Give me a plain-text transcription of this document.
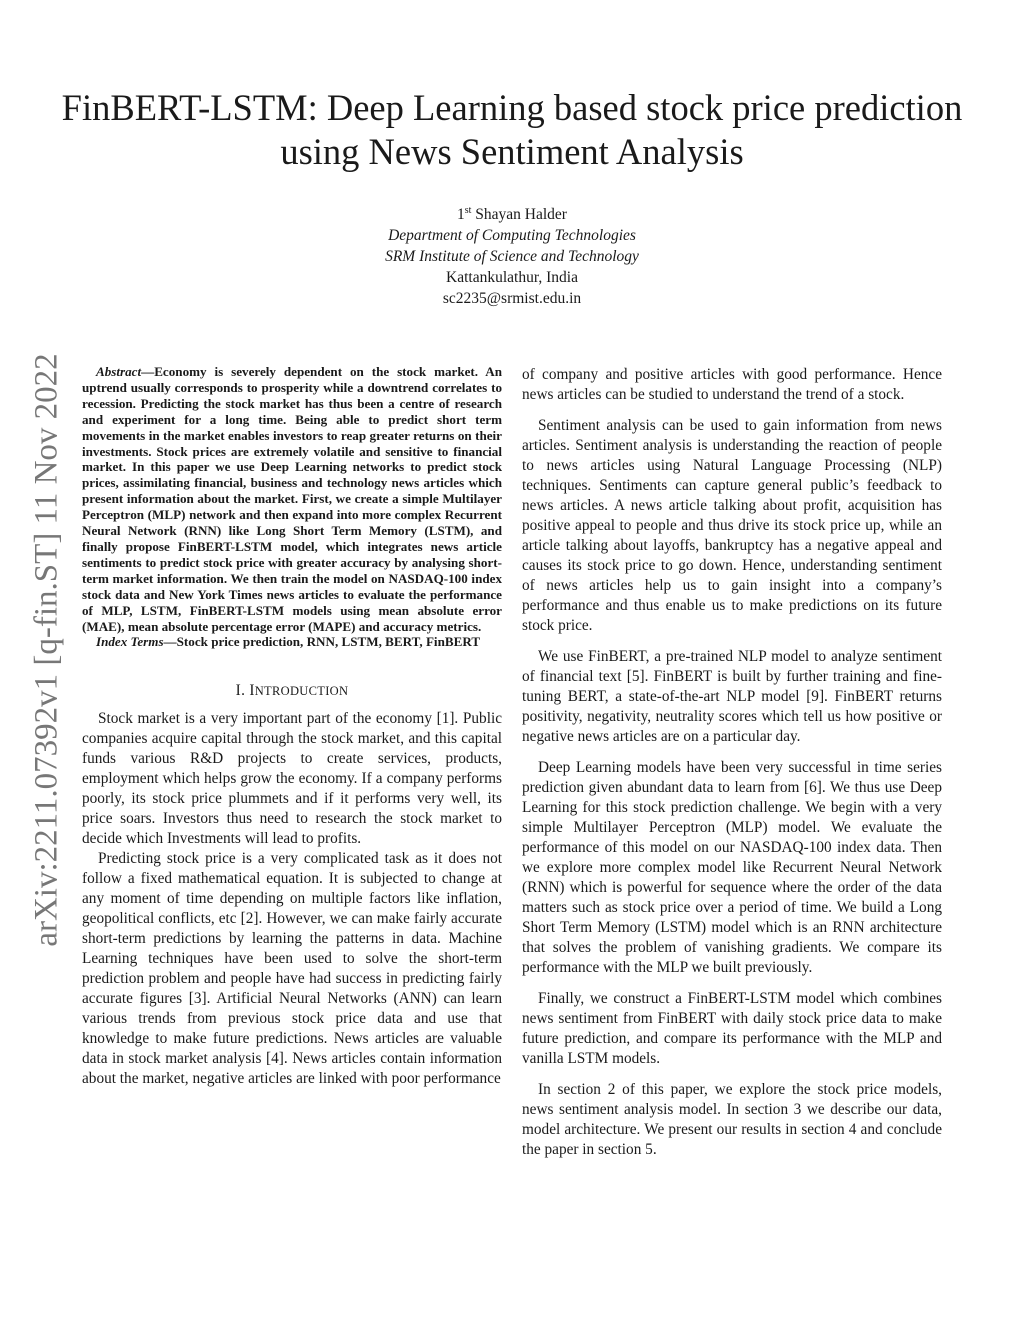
FinBERT-LSTM: Deep Learning based stock price prediction using News Sentiment Analysis
1st Shayan Halder
Department of Computing Technologies
SRM Institute of Science and Technology
Kattankulathur, India
sc2235@srmist.edu.in
arXiv:2211.07392v1 [q-fin.ST] 11 Nov 2022	Abstract—Economy is severely dependent on the stock market. An uptrend usually corresponds to prosperity while a downtrend correlates to recession. Predicting the stock market has thus been a centre of research and experiment for a long time. Being able to predict short term movements in the market enables investors to reap greater returns on their investments. Stock prices are extremely volatile and sensitive to financial market. In this paper we use Deep Learning networks to predict stock prices, assimilating financial, business and technology news articles which present information about the market. First, we create a simple Multilayer Perceptron (MLP) network and then expand into more complex Recurrent Neural Network (RNN) like Long Short Term Memory (LSTM), and finally propose FinBERT-LSTM model, which integrates news article sentiments to predict stock price with greater accuracy by analysing short-term market information. We then train the model on NASDAQ-100 index stock data and New York Times news articles to evaluate the performance of MLP, LSTM, FinBERT-LSTM models using mean absolute error (MAE), mean absolute percentage error (MAPE) and accuracy metrics.

Index Terms—Stock price prediction, RNN, LSTM, BERT, FinBERT

I. INTRODUCTION

Stock market is a very important part of the economy [1]. Public companies acquire capital through the stock market, and this capital funds various R&D projects to create services, products, employment which helps grow the economy. If a company performs poorly, its stock price plummets and if it performs very well, its price soars. Investors thus need to research the stock market to decide which Investments will lead to profits.

Predicting stock price is a very complicated task as it does not follow a fixed mathematical equation. It is subjected to change at any moment of time depending on multiple factors like inflation, geopolitical conflicts, etc [2]. However, we can make fairly accurate short-term predictions by learning the patterns in data. Machine Learning techniques have been used to solve the short-term prediction problem and people have had success in predicting fairly accurate figures [3]. Artificial Neural Networks (ANN) can learn various trends from previous stock price data and use that knowledge to make future predictions. News articles are valuable data in stock market analysis [4]. News articles contain information about the market, negative articles are linked with poor performance

of company and positive articles with good performance. Hence news articles can be studied to understand the trend of a stock.

Sentiment analysis can be used to gain information from news articles. Sentiment analysis is understanding the reaction of people to news articles using Natural Language Processing (NLP) techniques. Sentiments can capture general public’s feedback to news articles. A news article talking about profit, acquisition has positive appeal to people and thus drive its stock price up, while an article talking about layoffs, bankruptcy has a negative appeal and causes its stock price to go down. Hence, understanding sentiment of news articles help us to gain insight into a company’s performance and thus enable us to make predictions on its future stock price.

We use FinBERT, a pre-trained NLP model to analyze sentiment of financial text [5]. FinBERT is built by further training and fine-tuning BERT, a state-of-the-art NLP model [9]. FinBERT returns positivity, negativity, neutrality scores which tell us how positive or negative news articles are on a particular day.

Deep Learning models have been very successful in time series prediction given abundant data to learn from [6]. We thus use Deep Learning for this stock prediction challenge. We begin with a very simple Multilayer Perceptron (MLP) model. We evaluate the performance of this model on our NASDAQ-100 index data. Then we explore more complex model like Recurrent Neural Network (RNN) which is powerful for sequence where the order of the data matters such as stock price over a period of time. We build a Long Short Term Memory (LSTM) model which is an RNN architecture that solves the problem of vanishing gradients. We compare its performance with the MLP we built previously.

Finally, we construct a FinBERT-LSTM model which combines news sentiment from FinBERT with daily stock price data to make future prediction, and compare its performance with the MLP and vanilla LSTM models.

In section 2 of this paper, we explore the stock price models, news sentiment analysis model. In section 3 we describe our data, model architecture. We present our results in section 4 and conclude the paper in section 5.
